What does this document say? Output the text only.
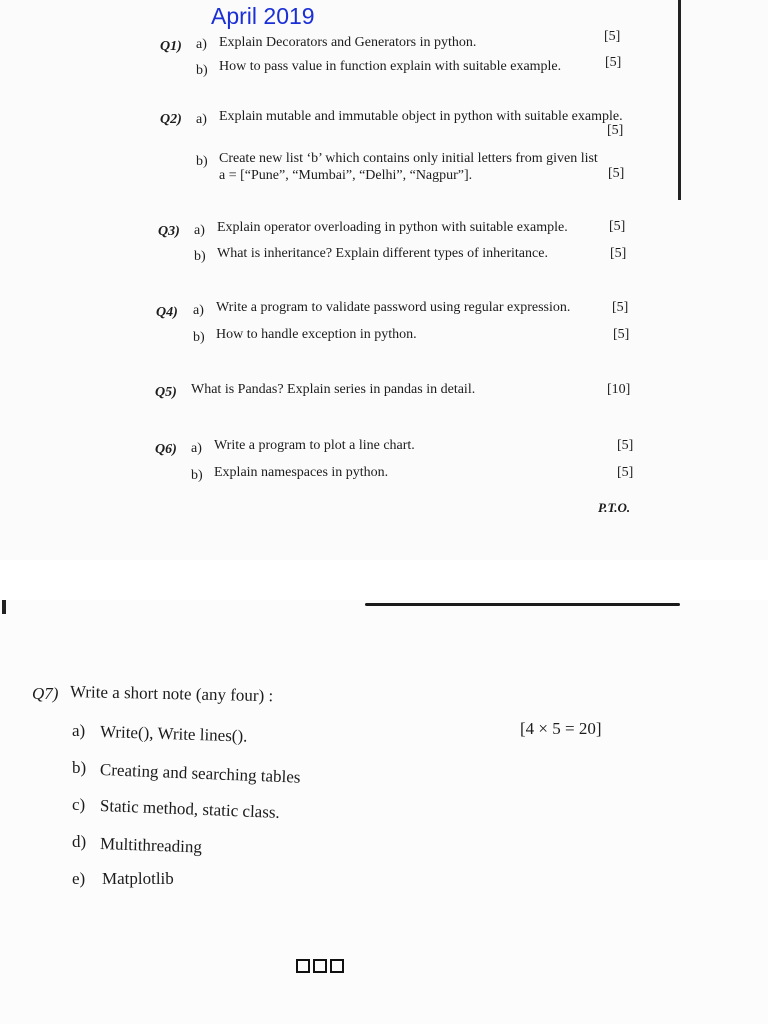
April 2019
Q1) a) Explain Decorators and Generators in python.	[5]
b) How to pass value in function explain with suitable example.	[5]
Q2) a) Explain mutable and immutable object in python with suitable example.
[5]
b) Create new list ‘b’ which contains only initial letters from given list
a = [“Pune”, “Mumbai”, “Delhi”, “Nagpur”].	[5]
Q3) a) Explain operator overloading in python with suitable example.	[5]
b) What is inheritance? Explain different types of inheritance.	[5]
Q4) a) Write a program to validate password using regular expression.	[5]
b) How to handle exception in python.	[5]
Q5) What is Pandas? Explain series in pandas in detail.	[10]
Q6) a) Write a program to plot a line chart.	[5]
b) Explain namespaces in python.	[5]
P.T.O.
Q7) Write a short note (any four) :
[4 × 5 = 20]
a) Write(), Write lines().
b) Creating and searching tables
c) Static method, static class.
d) Multithreading
e) Matplotlib
